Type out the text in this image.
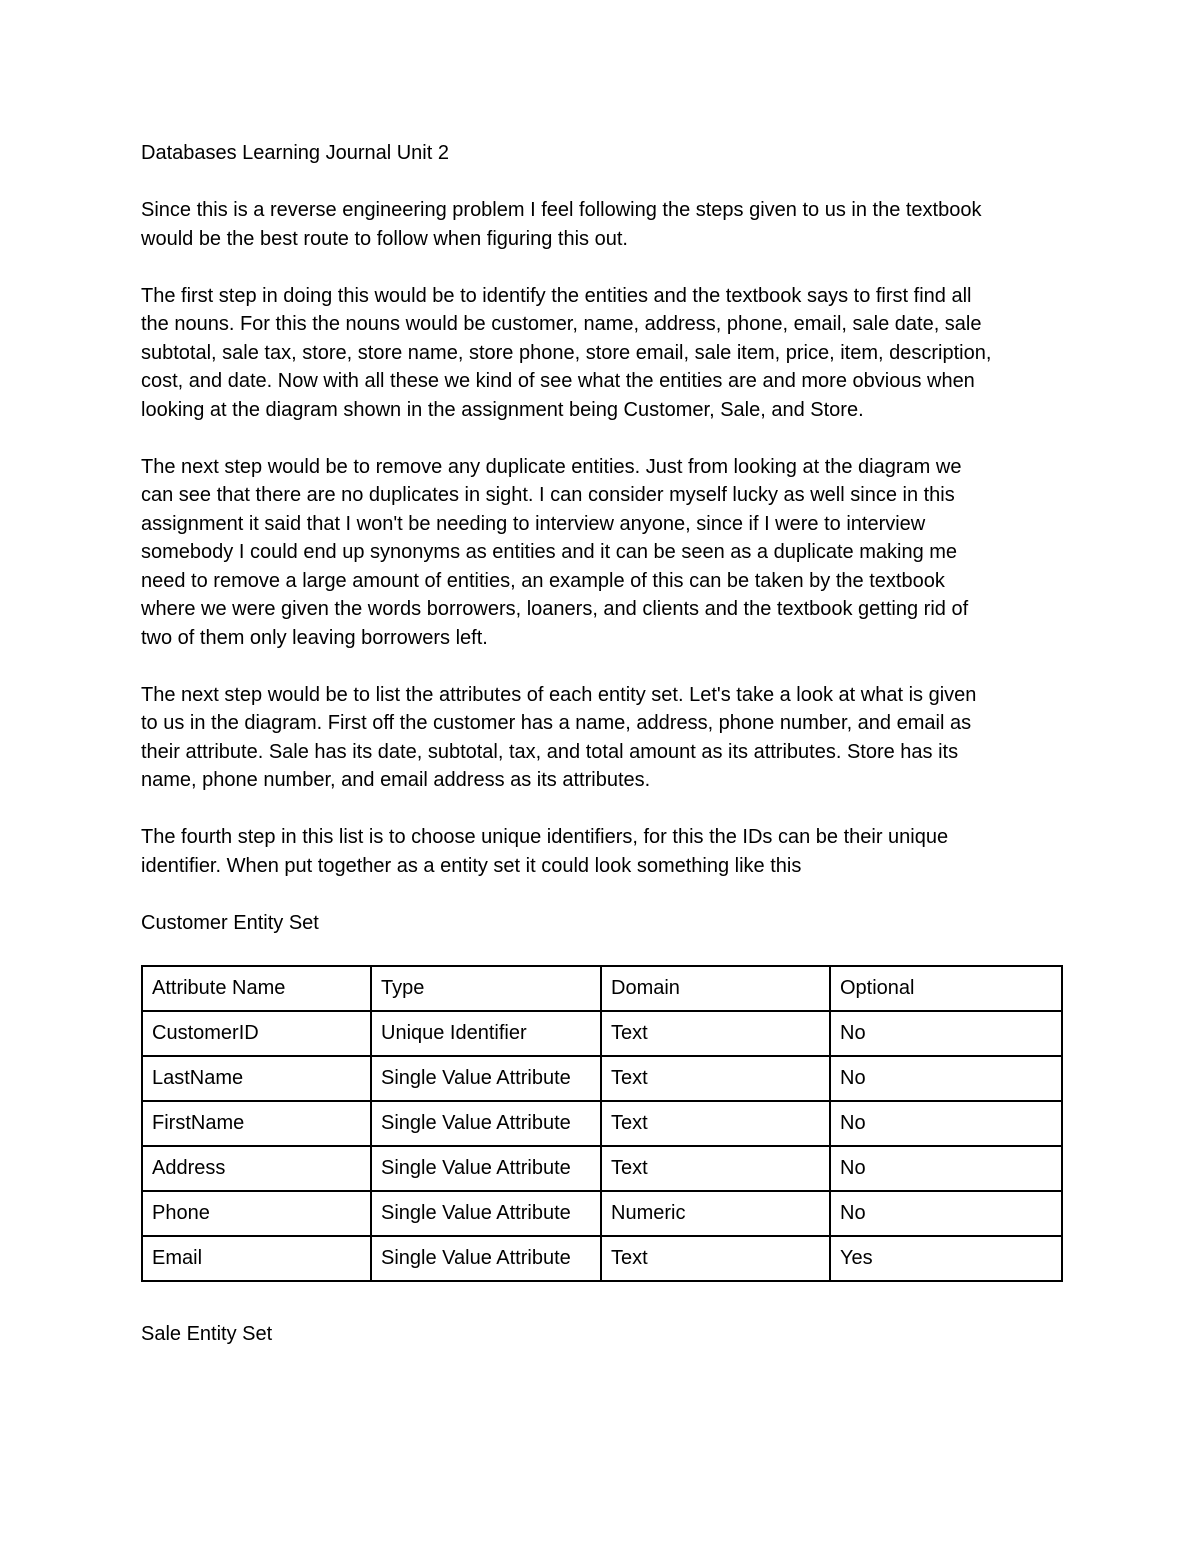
Databases Learning Journal Unit 2

Since this is a reverse engineering problem I feel following the steps given to us in the textbook

would be the best route to follow when figuring this out.

The first step in doing this would be to identify the entities and the textbook says to first find all

the nouns. For this the nouns would be customer, name, address, phone, email, sale date, sale

subtotal, sale tax, store, store name, store phone, store email, sale item, price, item, description,

cost, and date. Now with all these we kind of see what the entities are and more obvious when

looking at the diagram shown in the assignment being Customer, Sale, and Store.

The next step would be to remove any duplicate entities. Just from looking at the diagram we

can see that there are no duplicates in sight. I can consider myself lucky as well since in this

assignment it said that I won't be needing to interview anyone, since if I were to interview

somebody I could end up synonyms as entities and it can be seen as a duplicate making me

need to remove a large amount of entities, an example of this can be taken by the textbook

where we were given the words borrowers, loaners, and clients and the textbook getting rid of

two of them only leaving borrowers left.

The next step would be to list the attributes of each entity set. Let's take a look at what is given

to us in the diagram. First off the customer has a name, address, phone number, and email as

their attribute. Sale has its date, subtotal, tax, and total amount as its attributes. Store has its

name, phone number, and email address as its attributes.

The fourth step in this list is to choose unique identifiers, for this the IDs can be their unique

identifier. When put together as a entity set it could look something like this

Customer Entity Set

Attribute Name	Type	Domain	Optional
CustomerID	Unique Identifier	Text	No
LastName	Single Value Attribute	Text	No
FirstName	Single Value Attribute	Text	No
Address	Single Value Attribute	Text	No
Phone	Single Value Attribute	Numeric	No
Email	Single Value Attribute	Text	Yes

Sale Entity Set
